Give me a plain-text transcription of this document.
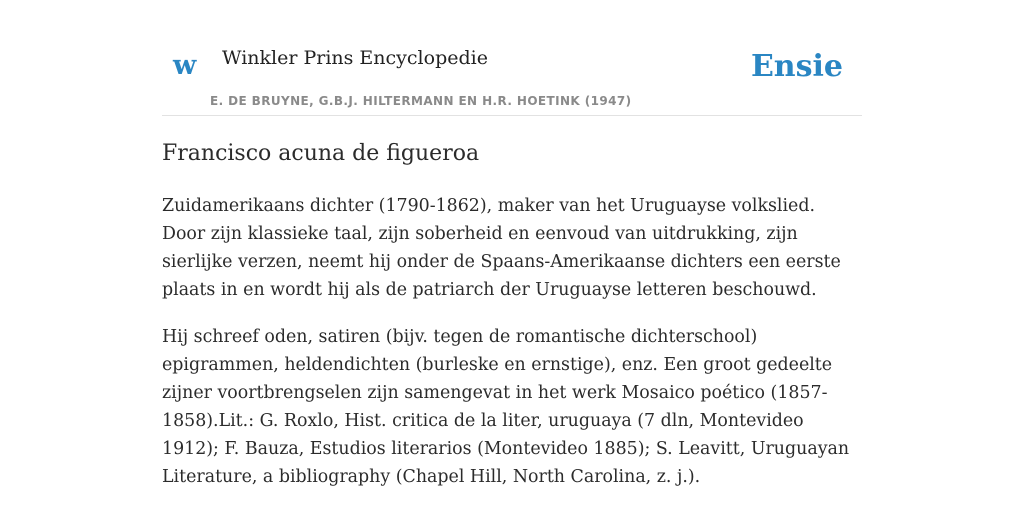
w Winkler Prins Encyclopedie
E. DE BRUYNE, G.B.J. HILTERMANN EN H.R. HOETINK (1947)
Ensie
Francisco acuna de figueroa

Zuidamerikaans dichter (1790-1862), maker van het Uruguayse volkslied. Door zijn klassieke taal, zijn soberheid en eenvoud van uitdrukking, zijn sierlijke verzen, neemt hij onder de Spaans-Amerikaanse dichters een eerste plaats in en wordt hij als de patriarch der Uruguayse letteren beschouwd.

Hij schreef oden, satiren (bijv. tegen de romantische dichterschool) epigrammen, heldendichten (burleske en ernstige), enz. Een groot gedeelte zijner voortbrengselen zijn samengevat in het werk Mosaico poético (1857-1858).Lit.: G. Roxlo, Hist. critica de la liter, uruguaya (7 dln, Montevideo 1912); F. Bauza, Estudios literarios (Montevideo 1885); S. Leavitt, Uruguayan Literature, a bibliography (Chapel Hill, North Carolina, z. j.).
